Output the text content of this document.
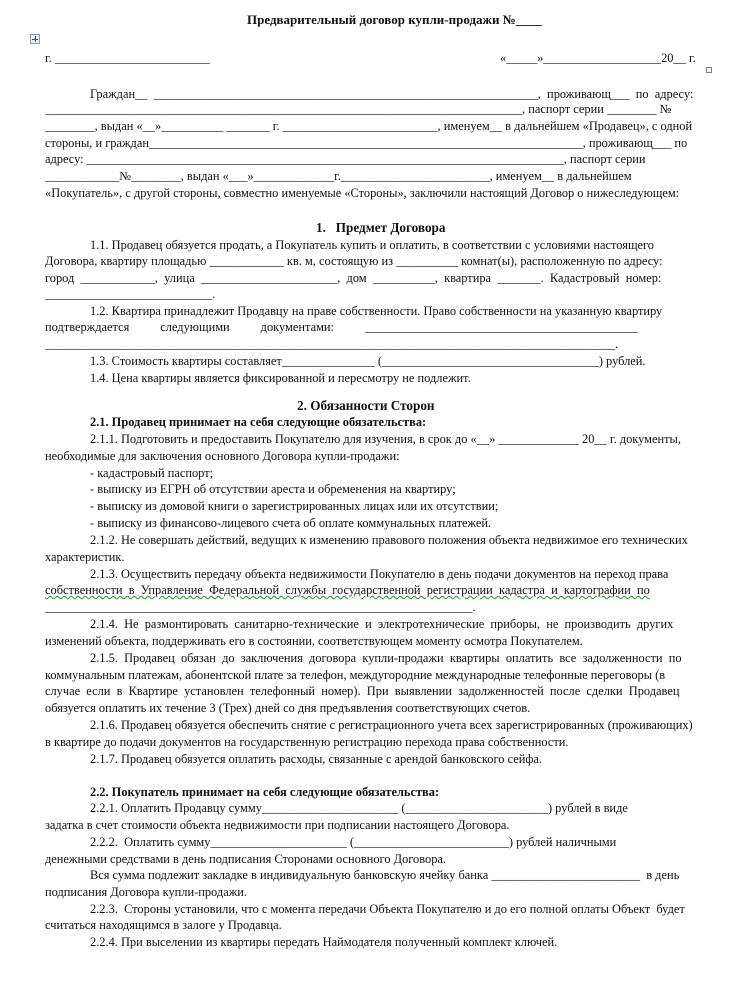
Предварительный договор купли-продажи №____
г. _________________________	«_____»___________________20__ г.
Граждан__  ______________________________________________________________,  проживающ___  по  адресу:
_____________________________________________________________________________, паспорт серии ________ №
________, выдан «__»__________ _______ г. _________________________, именуем__ в дальнейшем «Продавец», с одной
стороны, и граждан______________________________________________________________________, проживающ___ по
адресу: _____________________________________________________________________________, паспорт серии
____________№________, выдан «___»_____________г.________________________, именуем__ в дальнейшем
«Покупатель», с другой стороны, совместно именуемые «Стороны», заключили настоящий Договор о нижеследующем:
1.   Предмет Договора
1.1. Продавец обязуется продать, а Покупатель купить и оплатить, в соответствии с условиями настоящего
Договора, квартиру площадью ____________ кв. м, состоящую из __________ комнат(ы), расположенную по адресу:
город  ____________,  улица  ______________________,  дом  __________,  квартира  _______.  Кадастровый  номер:
___________________________.
1.2. Квартира принадлежит Продавцу на праве собственности. Право собственности на указанную квартиру
подтверждается          следующими          документами:          ____________________________________________
____________________________________________________________________________________________.
1.3. Стоимость квартиры составляет_______________ (___________________________________) рублей.
1.4. Цена квартиры является фиксированной и пересмотру не подлежит.
2. Обязанности Сторон
2.1. Продавец принимает на себя следующие обязательства:
2.1.1. Подготовить и предоставить Покупателю для изучения, в срок до «__» _____________ 20__ г. документы,
необходимые для заключения основного Договора купли-продажи:
- кадастровый паспорт;
- выписку из ЕГРН об отсутствии ареста и обременения на квартиру;
- выписку из домовой книги о зарегистрированных лицах или их отсутствии;
- выписку из финансово-лицевого счета об оплате коммунальных платежей.
2.1.2. Не совершать действий, ведущих к изменению правового положения объекта недвижимое его технических
характеристик.
2.1.3. Осуществить передачу объекта недвижимости Покупателю в день подачи документов на переход права
собственности  в  Управление  Федеральной  службы  государственной  регистрации  кадастра  и  картографии  по
_____________________________________________________________________.
2.1.4.  Не  размонтировать  санитарно-технические  и  электротехнические  приборы,  не  производить  других
изменений объекта, поддерживать его в состоянии, соответствующем моменту осмотра Покупателем.
2.1.5.  Продавец  обязан  до  заключения  договора  купли-продажи  квартиры  оплатить  все  задолженности  по
коммунальным платежам, абонентской плате за телефон, междугородние международные телефонные переговоры (в
случае  если  в  Квартире  установлен  телефонный  номер).  При  выявлении  задолженностей  после  сделки  Продавец
обязуется оплатить их течение 3 (Трех) дней со дня предъявления соответствующих счетов.
2.1.6. Продавец обязуется обеспечить снятие с регистрационного учета всех зарегистрированных (проживающих)
в квартире до подачи документов на государственную регистрацию перехода права собственности.
2.1.7. Продавец обязуется оплатить расходы, связанные с арендой банковского сейфа.
2.2. Покупатель принимает на себя следующие обязательства:
2.2.1. Оплатить Продавцу сумму______________________ (_______________________) рублей в виде
задатка в счет стоимости объекта недвижимости при подписании настоящего Договора.
2.2.2.  Оплатить сумму______________________ (_________________________) рублей наличными
денежными средствами в день подписания Сторонами основного Договора.
Вся сумма подлежит закладке в индивидуальную банковскую ячейку банка ________________________  в день
подписания Договора купли-продажи.
2.2.3.  Стороны установили, что с момента передачи Объекта Покупателю и до его полной оплаты Объект  будет
считаться находящимся в залоге у Продавца.
2.2.4. При выселении из квартиры передать Наймодателя полученный комплект ключей.
